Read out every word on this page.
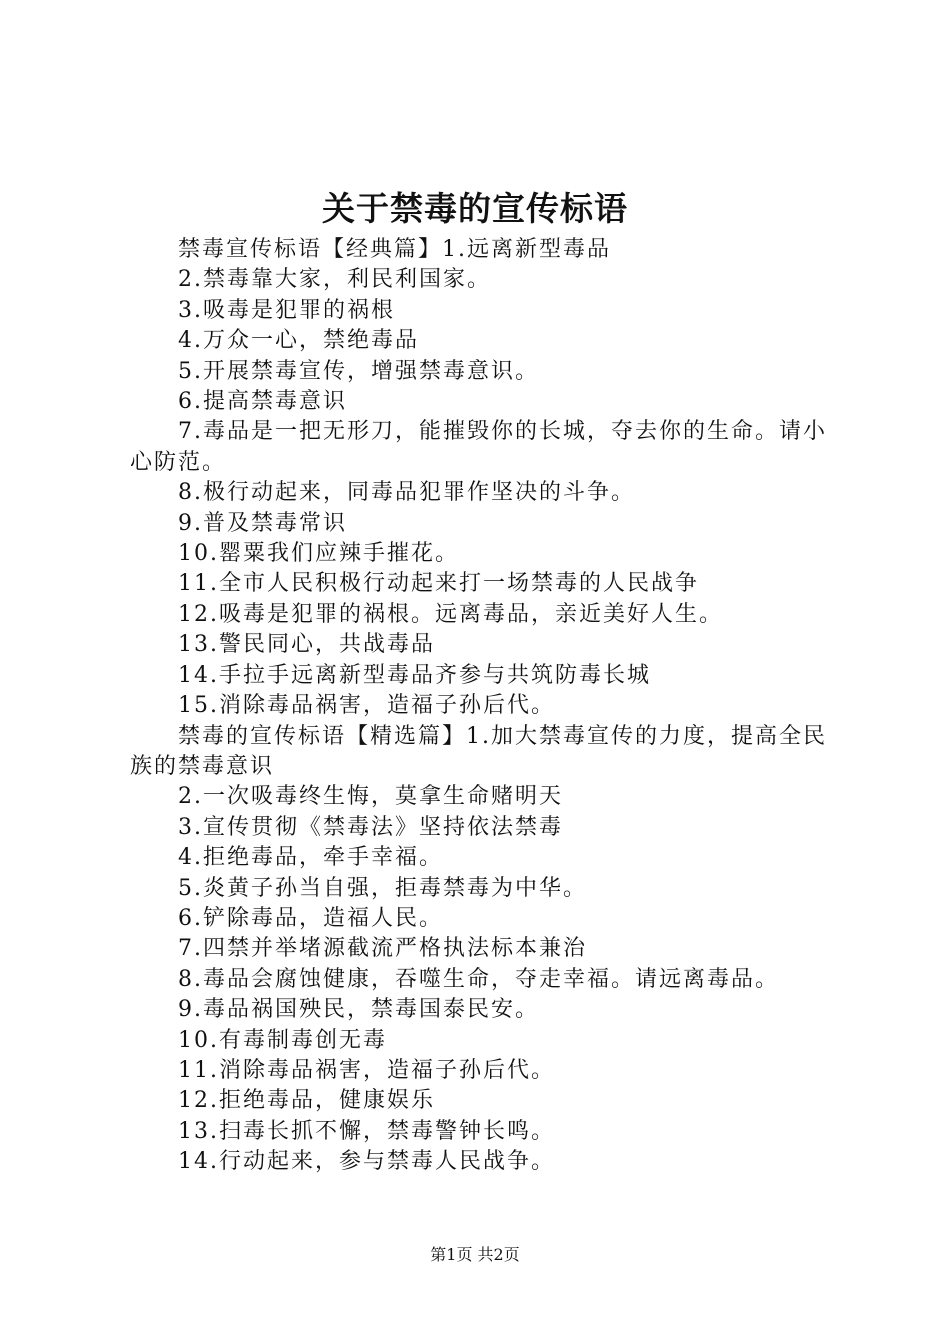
关于禁毒的宣传标语
禁毒宣传标语【经典篇】1.远离新型毒品
2.禁毒靠大家，利民利国家。
3.吸毒是犯罪的祸根
4.万众一心，禁绝毒品
5.开展禁毒宣传，增强禁毒意识。
6.提高禁毒意识
7.毒品是一把无形刀，能摧毁你的长城，夺去你的生命。请小心防范。
8.极行动起来，同毒品犯罪作坚决的斗争。
9.普及禁毒常识
10.罂粟我们应辣手摧花。
11.全市人民积极行动起来打一场禁毒的人民战争
12.吸毒是犯罪的祸根。远离毒品，亲近美好人生。
13.警民同心，共战毒品
14.手拉手远离新型毒品齐参与共筑防毒长城
15.消除毒品祸害，造福子孙后代。
禁毒的宣传标语【精选篇】1.加大禁毒宣传的力度，提高全民族的禁毒意识
2.一次吸毒终生悔，莫拿生命赌明天
3.宣传贯彻《禁毒法》坚持依法禁毒
4.拒绝毒品，牵手幸福。
5.炎黄子孙当自强，拒毒禁毒为中华。
6.铲除毒品，造福人民。
7.四禁并举堵源截流严格执法标本兼治
8.毒品会腐蚀健康，吞噬生命，夺走幸福。请远离毒品。
9.毒品祸国殃民，禁毒国泰民安。
10.有毒制毒创无毒
11.消除毒品祸害，造福子孙后代。
12.拒绝毒品，健康娱乐
13.扫毒长抓不懈，禁毒警钟长鸣。
14.行动起来，参与禁毒人民战争。
第1页 共2页
